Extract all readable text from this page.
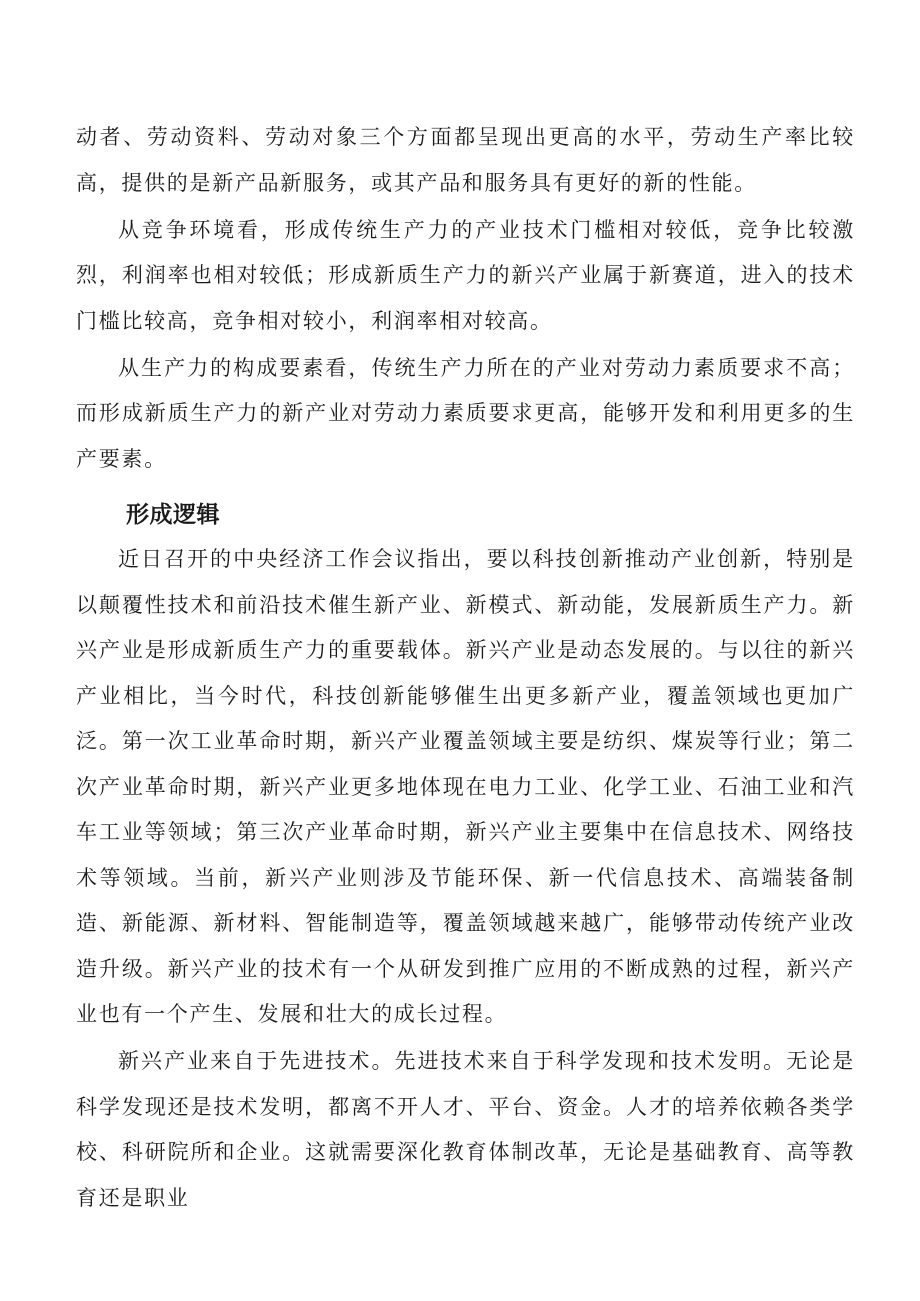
动者、劳动资料、劳动对象三个方面都呈现出更高的水平，劳动生产率比较高，提供的是新产品新服务，或其产品和服务具有更好的新的性能。

从竞争环境看，形成传统生产力的产业技术门槛相对较低，竞争比较激烈，利润率也相对较低；形成新质生产力的新兴产业属于新赛道，进入的技术门槛比较高，竞争相对较小，利润率相对较高。

从生产力的构成要素看，传统生产力所在的产业对劳动力素质要求不高；而形成新质生产力的新产业对劳动力素质要求更高，能够开发和利用更多的生产要素。

形成逻辑

近日召开的中央经济工作会议指出，要以科技创新推动产业创新，特别是以颠覆性技术和前沿技术催生新产业、新模式、新动能，发展新质生产力。新兴产业是形成新质生产力的重要载体。新兴产业是动态发展的。与以往的新兴产业相比，当今时代，科技创新能够催生出更多新产业，覆盖领域也更加广泛。第一次工业革命时期，新兴产业覆盖领域主要是纺织、煤炭等行业；第二次产业革命时期，新兴产业更多地体现在电力工业、化学工业、石油工业和汽车工业等领域；第三次产业革命时期，新兴产业主要集中在信息技术、网络技术等领域。当前，新兴产业则涉及节能环保、新一代信息技术、高端装备制造、新能源、新材料、智能制造等，覆盖领域越来越广，能够带动传统产业改造升级。新兴产业的技术有一个从研发到推广应用的不断成熟的过程，新兴产业也有一个产生、发展和壮大的成长过程。

新兴产业来自于先进技术。先进技术来自于科学发现和技术发明。无论是科学发现还是技术发明，都离不开人才、平台、资金。人才的培养依赖各类学校、科研院所和企业。这就需要深化教育体制改革，无论是基础教育、高等教育还是职业
